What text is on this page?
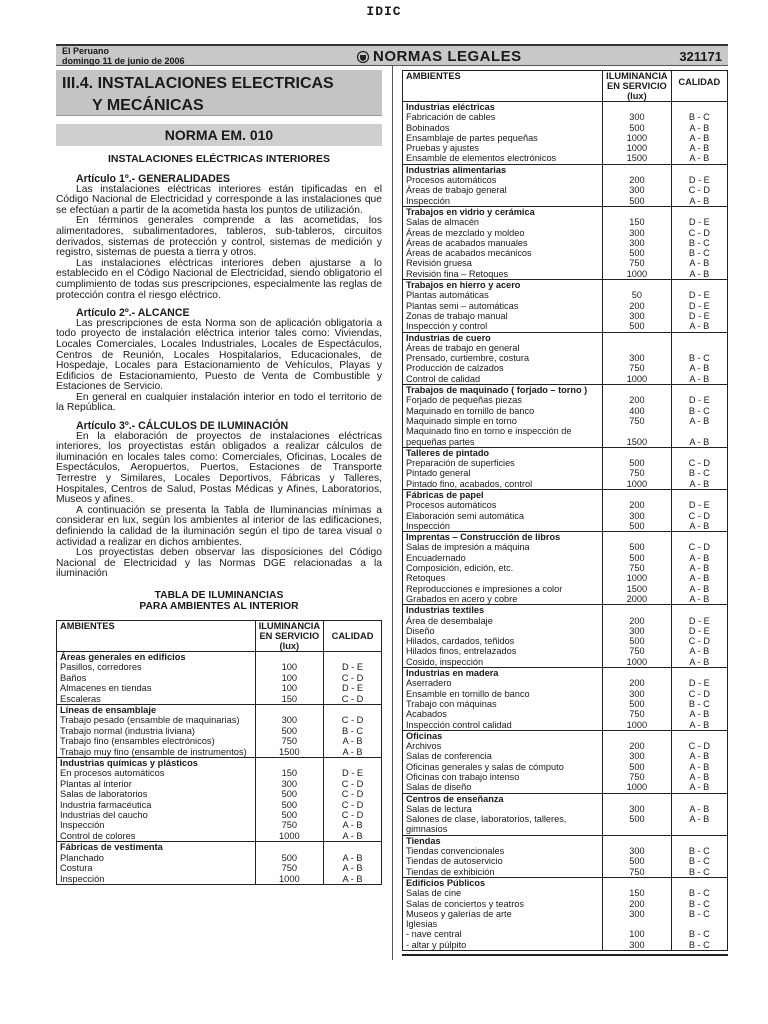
IDIC
El Peruano
domingo 11 de junio de 2006	NORMAS LEGALES	321171
III.4. INSTALACIONES ELECTRICAS
Y MECÁNICAS
NORMA EM. 010
INSTALACIONES ELÉCTRICAS INTERIORES
Artículo 1º.- GENERALIDADES

Las instalaciones eléctricas interiores están tipificadas en el Código Nacional de Electricidad y corresponde a las instalaciones que se efectúan a partir de la acometida hasta los puntos de utilización.

En términos generales comprende a las acometidas, los alimentadores, subalimentadores, tableros, sub-tableros, circuitos derivados, sistemas de protección y control, sistemas de medición y registro, sistemas de puesta a tierra y otros.

Las instalaciones eléctricas interiores deben ajustarse a lo establecido en el Código Nacional de Electricidad, siendo obligatorio el cumplimiento de todas sus prescripciones, especialmente las reglas de protección contra el riesgo eléctrico.

Artículo 2º.- ALCANCE

Las prescripciones de esta Norma son de aplicación obligatoria a todo proyecto de instalación eléctrica interior tales como: Viviendas, Locales Comerciales, Locales Industriales, Locales de Espectáculos, Centros de Reunión, Locales Hospitalarios, Educacionales, de Hospedaje, Locales para Estacionamiento de Vehículos, Playas y Edificios de Estacionamiento, Puesto de Venta de Combustible y Estaciones de Servicio.

En general en cualquier instalación interior en todo el territorio de la República.

Artículo 3º.- CÁLCULOS DE ILUMINACIÓN

En la elaboración de proyectos de instalaciones eléctricas interiores, los proyectistas están obligados a realizar cálculos de iluminación en locales tales como: Comerciales, Oficinas, Locales de Espectáculos, Aeropuertos, Puertos, Estaciones de Transporte Terrestre y Similares, Locales Deportivos, Fábricas y Talleres, Hospitales, Centros de Salud, Postas Médicas y Afines, Laboratorios, Museos y afines.

A continuación se presenta la Tabla de Iluminancias mínimas a considerar en lux, según los ambientes al interior de las edificaciones, definiendo la calidad de la iluminación según el tipo de tarea visual o actividad a realizar en dichos ambientes.

Los proyectistas deben observar las disposiciones del Código Nacional de Electricidad y las Normas DGE relacionadas a la iluminación

TABLA DE ILUMINANCIAS
PARA AMBIENTES AL INTERIOR
AMBIENTES	ILUMINANCIA
EN SERVICIO
(lux)	CALIDAD
Áreas generales en edificios		
Pasillos, corredores	100	D - E
Baños	100	C - D
Almacenes en tiendas	100	D - E
Escaleras	150	C - D
Líneas de ensamblaje		
Trabajo pesado (ensamble de maquinarias)	300	C - D
Trabajo normal (industria liviana)	500	B - C
Trabajo fino (ensambles electrónicos)	750	A - B
Trabajo muy fino (ensamble de instrumentos)	1500	A - B
Industrias químicas y plásticos		
En procesos automáticos	150	D - E
Plantas al interior	300	C - D
Salas de laboratorios	500	C - D
Industria farmacéutica	500	C - D
Industrias del caucho	500	C - D
Inspección	750	A - B
Control de colores	1000	A - B
Fábricas de vestimenta		
Planchado	500	A - B
Costura	750	A - B
Inspección	1000	A - B
AMBIENTES	ILUMINANCIA
EN SERVICIO
(lux)	CALIDAD
Industrias eléctricas		
Fabricación de cables	300	B - C
Bobinados	500	A - B
Ensamblaje de partes pequeñas	1000	A - B
Pruebas y ajustes	1000	A - B
Ensamble de elementos electrónicos	1500	A - B
Industrias alimentarias		
Procesos automáticos	200	D - E
Áreas de trabajo general	300	C - D
Inspección	500	A - B
Trabajos en vidrio y cerámica		
Salas de almacén	150	D - E
Áreas de mezclado y moldeo	300	C - D
Áreas de acabados manuales	300	B - C
Áreas de acabados mecánicos	500	B - C
Revisión gruesa	750	A - B
Revisión fina – Retoques	1000	A - B
Trabajos en hierro y acero		
Plantas automáticas	50	D - E
Plantas semi – automáticas	200	D - E
Zonas de trabajo manual	300	D - E
Inspección y control	500	A - B
Industrias de cuero		
Áreas de trabajo en general		
Prensado, curtiembre, costura	300	B - C
Producción de calzados	750	A - B
Control de calidad	1000	A - B
Trabajos de maquinado ( forjado – torno )		
Forjado de pequeñas piezas	200	D - E
Maquinado en tornillo de banco	400	B - C
Maquinado simple en torno	750	A - B
Maquinado fino en torno e inspección de		
pequeñas partes	1500	A - B
Talleres de pintado		
Preparación de superficies	500	C - D
Pintado general	750	B - C
Pintado fino, acabados, control	1000	A - B
Fábricas de papel		
Procesos automáticos	200	D - E
Elaboración semi automática	300	C - D
Inspección	500	A - B
Imprentas – Construcción de libros		
Salas de impresión a máquina	500	C - D
Encuadernado	500	A - B
Composición, edición, etc.	750	A - B
Retoques	1000	A - B
Reproducciones e impresiones a color	1500	A - B
Grabados en acero y cobre	2000	A - B
Industrias textiles		
Área de desembalaje	200	D - E
Diseño	300	D - E
Hilados, cardados, teñidos	500	C - D
Hilados finos, entrelazados	750	A - B
Cosido, inspección	1000	A - B
Industrias en madera		
Aserradero	200	D - E
Ensamble en tornillo de banco	300	C - D
Trabajo con máquinas	500	B - C
Acabados	750	A - B
Inspección control calidad	1000	A - B
Oficinas		
Archivos	200	C - D
Salas de conferencia	300	A - B
Oficinas generales y salas de cómputo	500	A - B
Oficinas con trabajo intenso	750	A - B
Salas de diseño	1000	A - B
Centros de enseñanza		
Salas de lectura	300	A - B
Salones de clase, laboratorios, talleres, gimnasios	500	A - B
Tiendas		
Tiendas convencionales	300	B - C
Tiendas de autoservicio	500	B - C
Tiendas de exhibición	750	B - C
Edificios Públicos		
Salas de cine	150	B - C
Salas de conciertos y teatros	200	B - C
Museos y galerías de arte	300	B - C
Iglesias		
- nave central	100	B - C
- altar y púlpito	300	B - C
